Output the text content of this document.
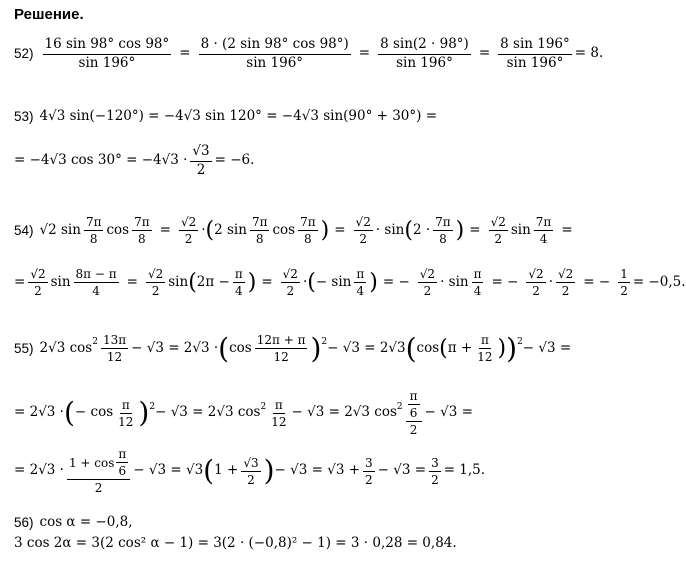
Решение.
$52) \frac{16 \sin 98^\circ \cos 98^\circ}{\sin 196^\circ} = \frac{8 \cdot (2 \sin 98^\circ \cos 98^\circ)}{\sin 196^\circ} = \frac{8 \sin(2 \cdot 98^\circ)}{\sin 196^\circ} = \frac{8 \sin 196^\circ}{\sin 196^\circ} = 8$.
53) 4√3 sin(−120°) = −4√3 sin 120° = −4√3 sin(90° + 30°) =
= −4√3 $\cos 30^\circ = -4√3 \cdot \frac{√3}{2} = -6$.
54) √2 sin 7π
8
$\cos \frac{7\pi}{8} = \frac{√2}{2}$ · ( 2 sin 7π
8
cos 7π
8 ) = $\frac{√2}{2} \cdot \sin$ ( 2 · 7π
8 ) = $\frac{√2}{2}$ $\sin \frac{7\pi}{4}$ =
= $\frac{√2}{2}$ $\sin \frac{8\pi - \pi}{4} = \frac{√2}{2}$ sin ( $2\pi - \frac{\pi}{4}$ ) = $\frac{√2}{2}$ · ( − sin π
4 ) = − $\frac{√2}{2} \cdot \sin \frac{\pi}{4}$ = − $\frac{√2}{2} \cdot \frac{√2}{2}$ = − $\frac{1}{2} = -0,5$.
55) 2√3 cos 2 13π
12
− √3 = 2√3 · ( cos 12π + π
12 ) 2 − √3 = 2√3 ( cos ( $\pi + \frac{\pi}{12}$ ) ) 2 − √3 =
= 2√3 · ( − cos π
12 ) 2 − √3 = 2√3 cos 2 π
12
− √3 = 2√3 $\cos 2 \frac{\pi}{6}$
2
− √3 =
= 2√3 · 1 + cos
π
6
2
− √3 = √3 ( $1 + \frac{√3}{2}$ ) − $√3 = √3 + \frac{3}{2} - √3 = \frac{3}{2} = 1,5$.
56) cos α = −0,8,
3 cos 2α = 3(2 cos² α − 1) = 3(2 · (−0,8)² − 1) = 3 · 0,28 = 0,84.
